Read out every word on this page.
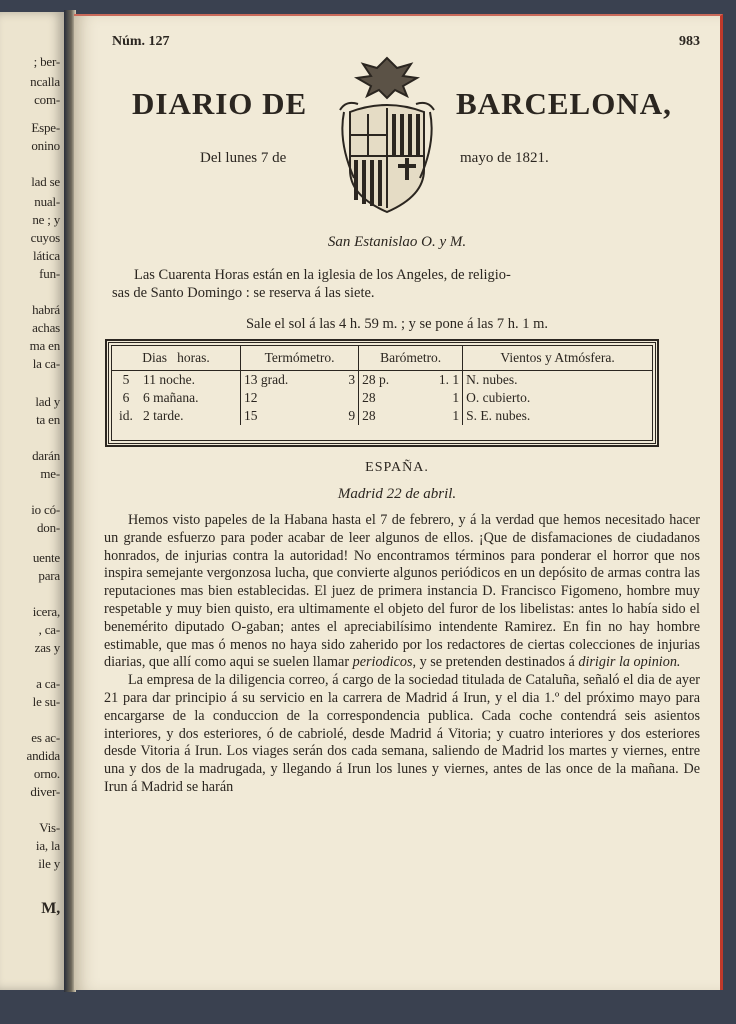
; ber-
ncalla
com-
Espe-
onino
lad se
nual-
ne ; y
cuyos
lática
fun-
habrá
achas
ma en
la ca-
lad y
ta en
darán
me-
io có-
don-
uente
para
icera,
, ca-
zas y
a ca-
le su-
es ac-
andida
orno.
diver-
Vis-
ia, la
ile y
M,
Núm. 127	983
DIARIO DE	BARCELONA,
Del lunes 7 de	mayo de 1821.
San Estanislao O. y M.
Las Cuarenta Horas están en la iglesia de los Angeles, de religio-
sas de Santo Domingo : se reserva á las siete.
Sale el sol á las 4 h. 59 m. ; y se pone á las 7 h. 1 m.
Dias horas.		Termómetro.		Barómetro.		Vientos y Atmósfera.
5	11 noche.	13 grad.	3	28 p.	1. 1	N. nubes.
6	6 mañana.	12		28	1	O. cubierto.
id.	2 tarde.	15	9	28	1	S. E. nubes.
ESPAÑA.
Madrid 22 de abril.

Hemos visto papeles de la Habana hasta el 7 de febrero, y á la verdad que hemos necesitado hacer un grande esfuerzo para poder acabar de leer algunos de ellos. ¡Que de disfamaciones de ciudadanos honrados, de injurias contra la autoridad! No encontramos términos para ponderar el horror que nos inspira semejante vergonzosa lucha, que convierte algunos periódicos en un depósito de armas contra las reputaciones mas bien establecidas. El juez de primera instancia D. Francisco Figomeno, hombre muy respetable y muy bien quisto, era ultimamente el objeto del furor de los libelistas: antes lo había sido el benemérito diputado O-gaban; antes el apreciabilísimo intendente Ramirez. En fin no hay hombre estimable, que mas ó menos no haya sido zaherido por los redactores de ciertas colecciones de injurias diarias, que allí como aqui se suelen llamar periodicos, y se pretenden destinados á dirigir la opinion.

La empresa de la diligencia correo, á cargo de la sociedad titulada de Cataluña, señaló el dia de ayer 21 para dar principio á su servicio en la carrera de Madrid á Irun, y el dia 1.º del próximo mayo para encargarse de la conduccion de la correspondencia publica. Cada coche contendrá seis asientos interiores, y dos esteriores, ó de cabriolé, desde Madrid á Vitoria; y cuatro interiores y dos esteriores desde Vitoria á Irun. Los viages serán dos cada semana, saliendo de Madrid los martes y viernes, entre una y dos de la madrugada, y llegando á Irun los lunes y viernes, antes de las once de la mañana. De Irun á Madrid se harán
